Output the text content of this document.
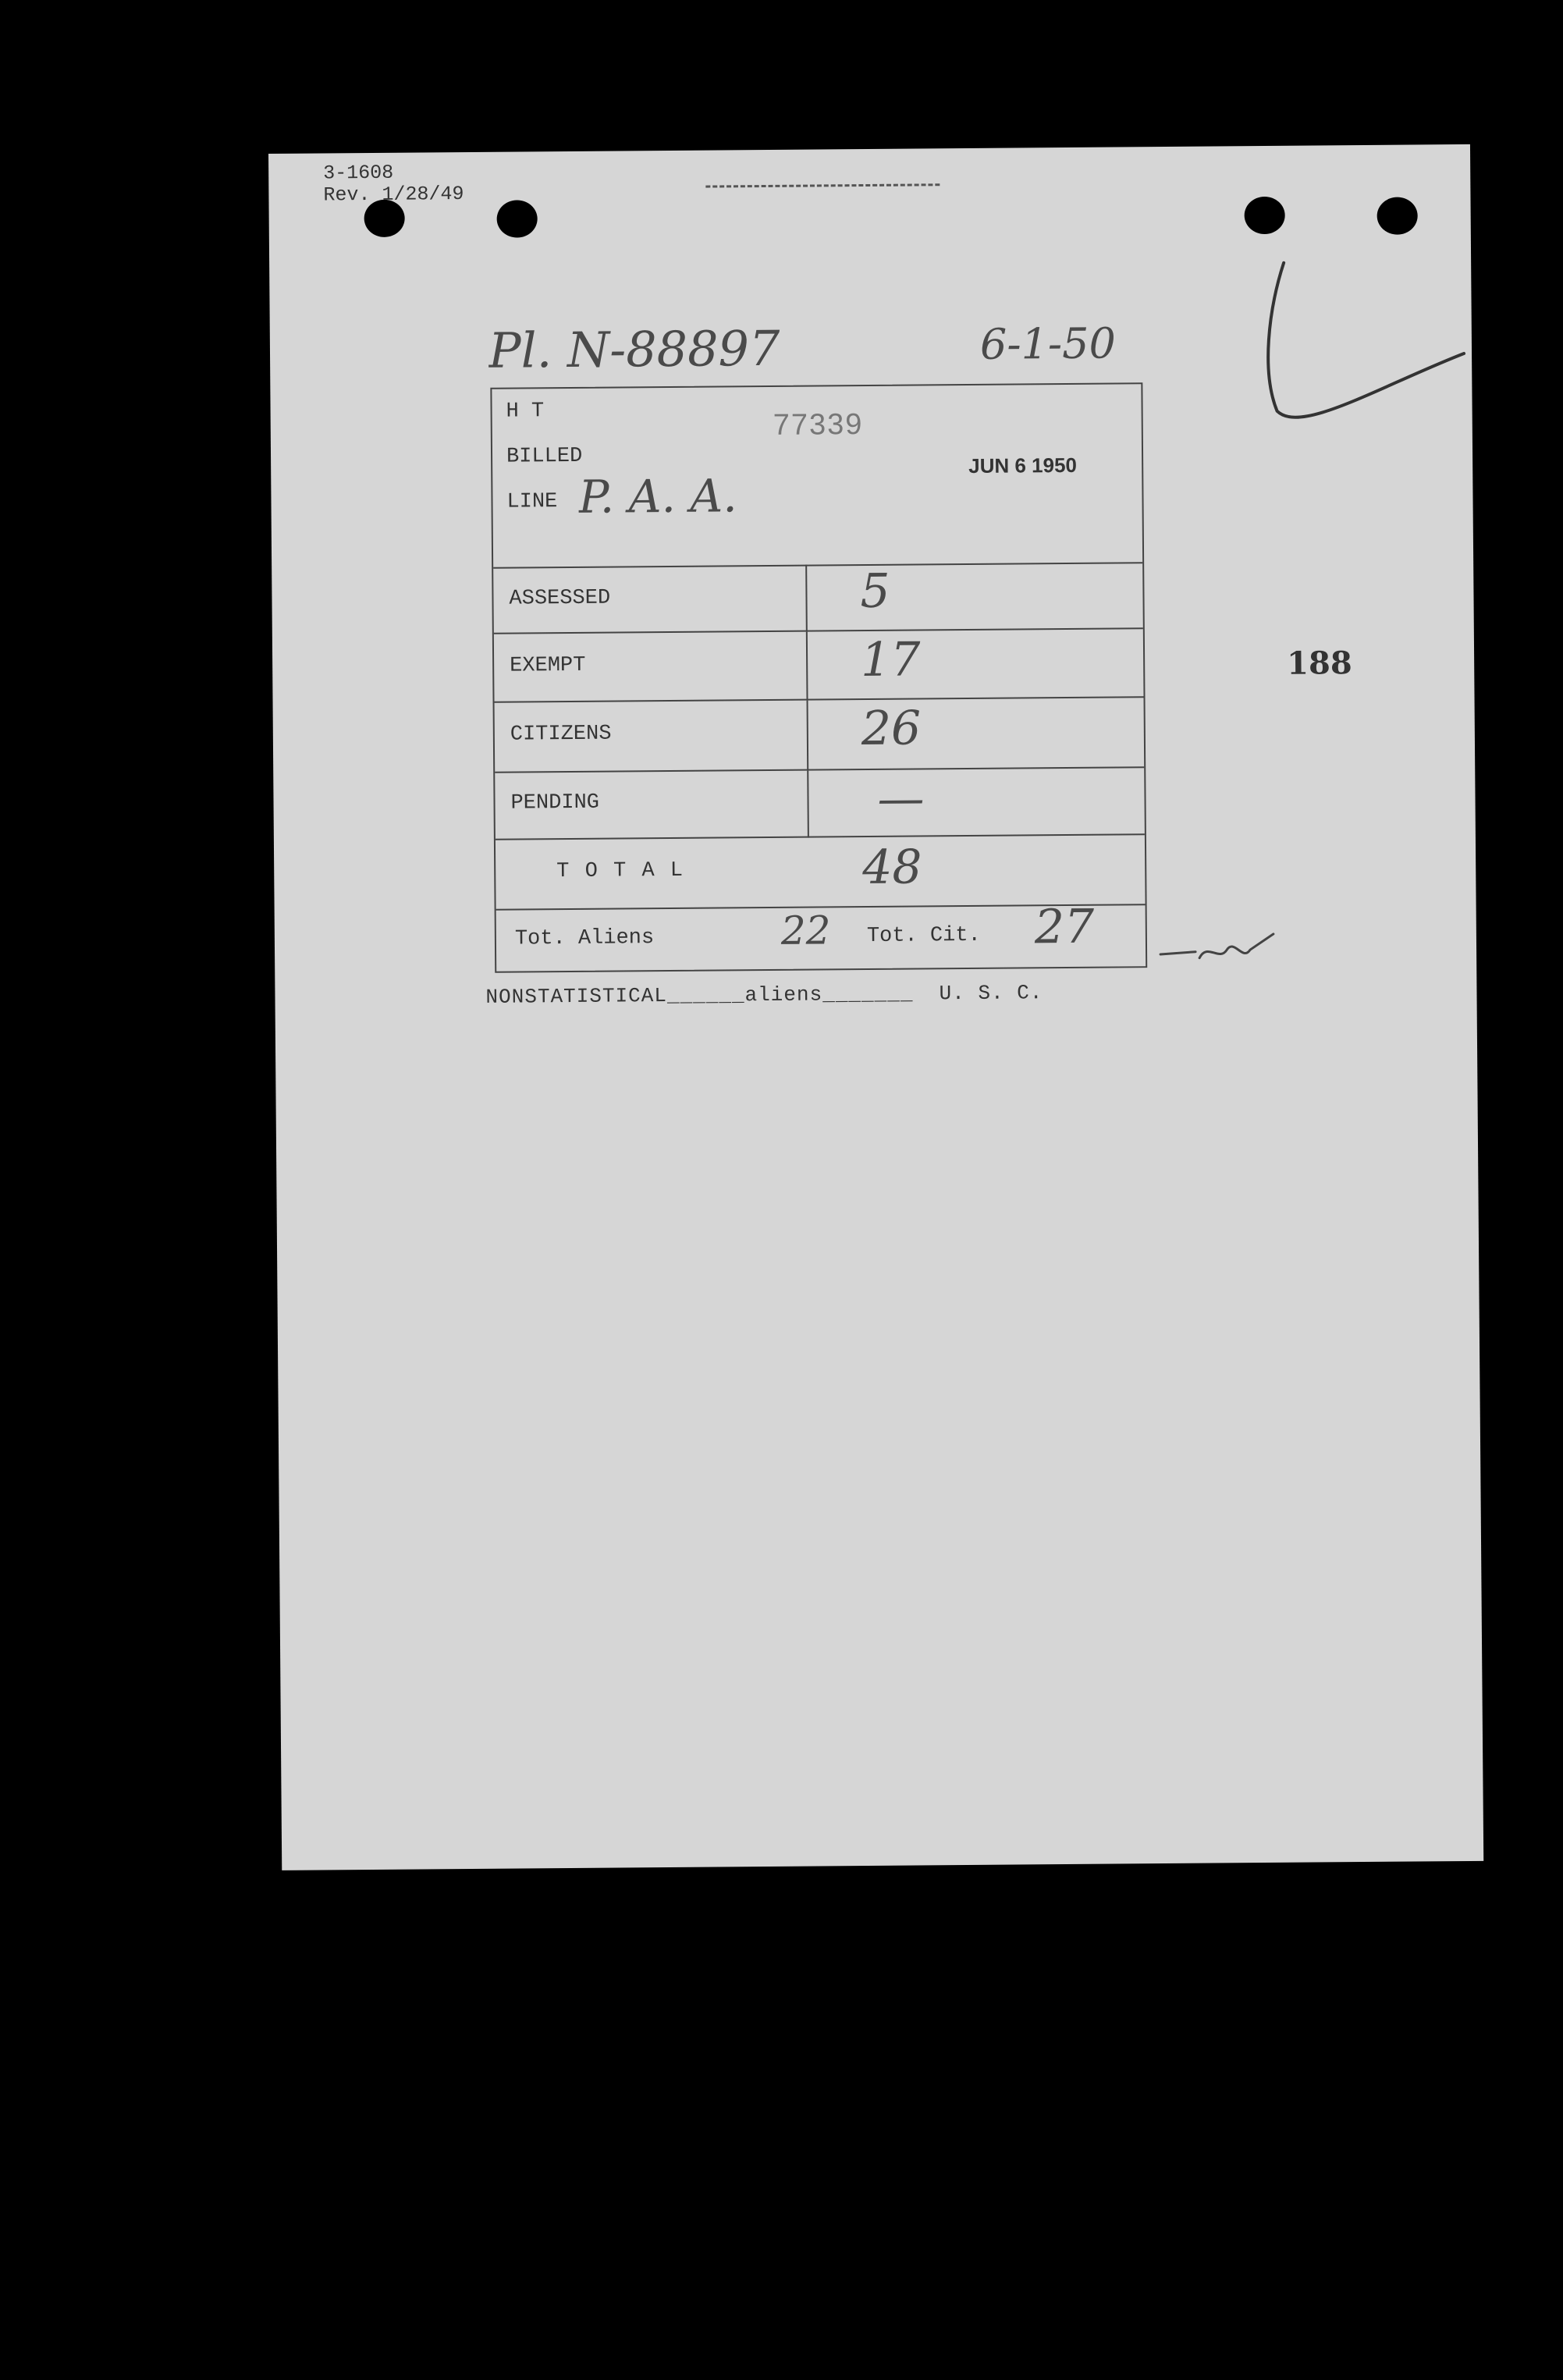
3-1608
Rev. 1/28/49
Pl. N-88897	6-1-50
H T	77339
BILLED
LINE P. A. A.
JUN 6 1950
ASSESSED	5
EXEMPT	17
CITIZENS	26
PENDING	—
T O T A L	48
Tot. Aliens	22 Tot. Cit. 27
NONSTATISTICAL______aliens_______ U. S. C.
188
